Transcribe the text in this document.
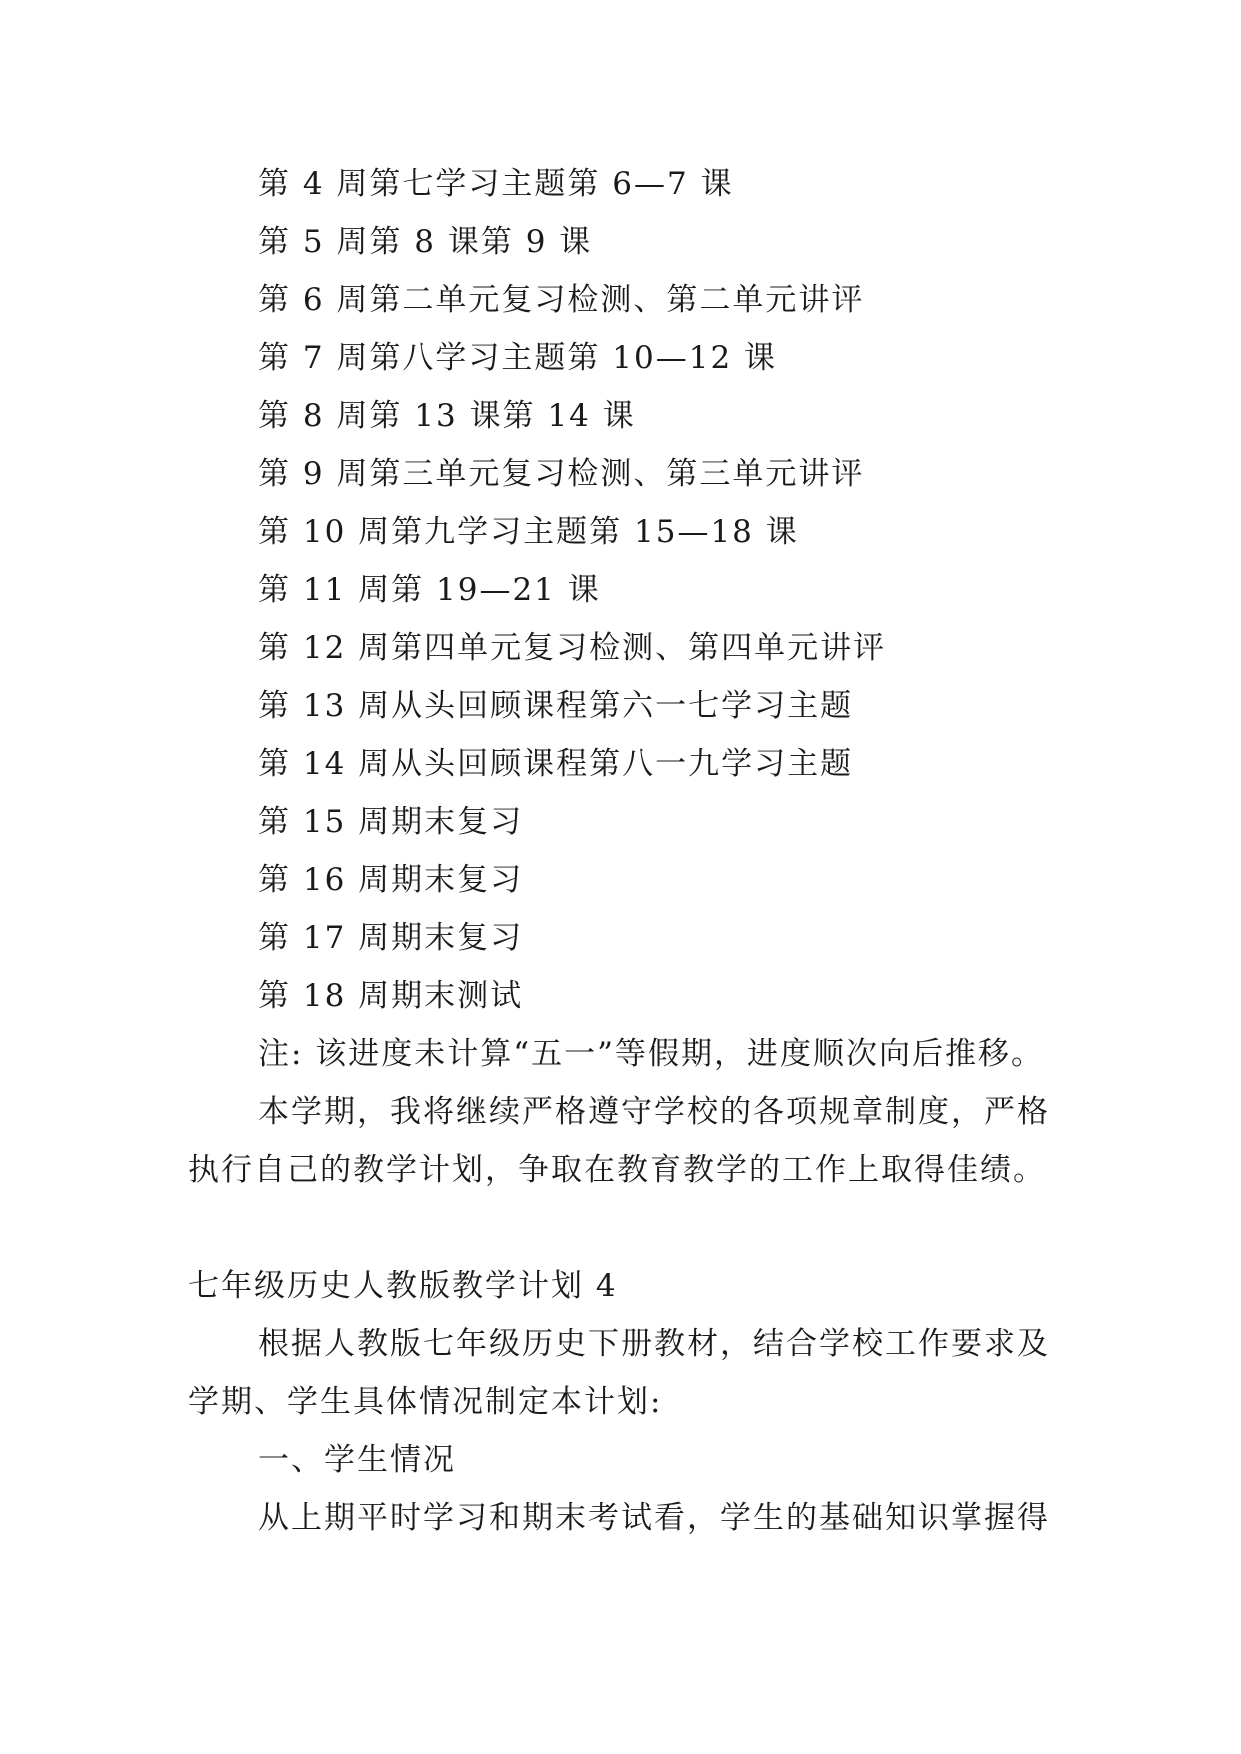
第 4 周第七学习主题第 6—7 课
第 5 周第 8 课第 9 课
第 6 周第二单元复习检测、第二单元讲评
第 7 周第八学习主题第 10—12 课
第 8 周第 13 课第 14 课
第 9 周第三单元复习检测、第三单元讲评
第 10 周第九学习主题第 15—18 课
第 11 周第 19—21 课
第 12 周第四单元复习检测、第四单元讲评
第 13 周从头回顾课程第六一七学习主题
第 14 周从头回顾课程第八一九学习主题
第 15 周期末复习
第 16 周期末复习
第 17 周期末复习
第 18 周期末测试
注: 该进度未计算“五一”等假期，进度顺次向后推移。
本学期，我将继续严格遵守学校的各项规章制度，严格
执行自己的教学计划，争取在教育教学的工作上取得佳绩。
七年级历史人教版教学计划 4
根据人教版七年级历史下册教材，结合学校工作要求及
学期、学生具体情况制定本计划:
一、学生情况
从上期平时学习和期末考试看，学生的基础知识掌握得
